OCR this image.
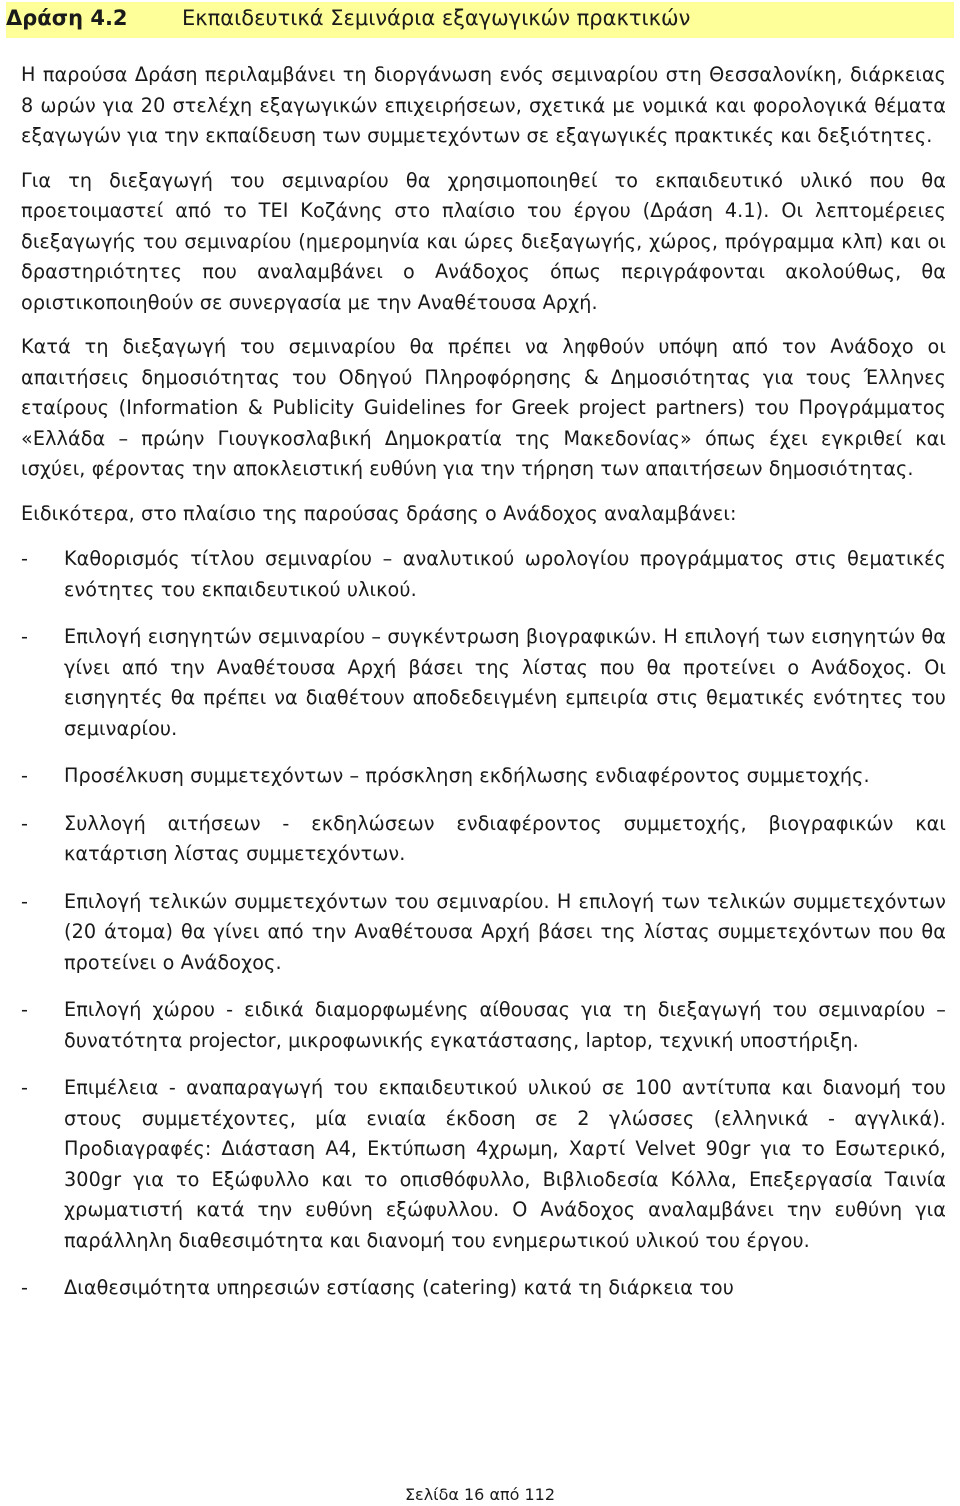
Δράση 4.2	Εκπαιδευτικά Σεμινάρια εξαγωγικών πρακτικών

Η παρούσα Δράση περιλαμβάνει τη διοργάνωση ενός σεμιναρίου στη Θεσσαλονίκη, διάρκειας 8 ωρών για 20 στελέχη εξαγωγικών επιχειρήσεων, σχετικά με νομικά και φορολογικά θέματα εξαγωγών για την εκπαίδευση των συμμετεχόντων σε εξαγωγικές πρακτικές και δεξιότητες.

Για τη διεξαγωγή του σεμιναρίου θα χρησιμοποιηθεί το εκπαιδευτικό υλικό που θα προετοιμαστεί από το ΤΕΙ Κοζάνης στο πλαίσιο του έργου (Δράση 4.1). Οι λεπτομέρειες διεξαγωγής του σεμιναρίου (ημερομηνία και ώρες διεξαγωγής, χώρος, πρόγραμμα κλπ) και οι δραστηριότητες που αναλαμβάνει ο Ανάδοχος όπως περιγράφονται ακολούθως, θα οριστικοποιηθούν σε συνεργασία με την Αναθέτουσα Αρχή.

Κατά τη διεξαγωγή του σεμιναρίου θα πρέπει να ληφθούν υπόψη από τον Ανάδοχο οι απαιτήσεις δημοσιότητας του Οδηγού Πληροφόρησης & Δημοσιότητας για τους Έλληνες εταίρους (Information & Publicity Guidelines for Greek project partners) του Προγράμματος «Ελλάδα – πρώην Γιουγκοσλαβική Δημοκρατία της Μακεδονίας» όπως έχει εγκριθεί και ισχύει, φέροντας την αποκλειστική ευθύνη για την τήρηση των απαιτήσεων δημοσιότητας.

Ειδικότερα, στο πλαίσιο της παρούσας δράσης ο Ανάδοχος αναλαμβάνει:

- Καθορισμός τίτλου σεμιναρίου – αναλυτικού ωρολογίου προγράμματος στις θεματικές ενότητες του εκπαιδευτικού υλικού.
- Επιλογή εισηγητών σεμιναρίου – συγκέντρωση βιογραφικών. Η επιλογή των εισηγητών θα γίνει από την Αναθέτουσα Αρχή βάσει της λίστας που θα προτείνει ο Ανάδοχος. Οι εισηγητές θα πρέπει να διαθέτουν αποδεδειγμένη εμπειρία στις θεματικές ενότητες του σεμιναρίου.
- Προσέλκυση συμμετεχόντων – πρόσκληση εκδήλωσης ενδιαφέροντος συμμετοχής.
- Συλλογή αιτήσεων - εκδηλώσεων ενδιαφέροντος συμμετοχής, βιογραφικών και κατάρτιση λίστας συμμετεχόντων.
- Επιλογή τελικών συμμετεχόντων του σεμιναρίου. Η επιλογή των τελικών συμμετεχόντων (20 άτομα) θα γίνει από την Αναθέτουσα Αρχή βάσει της λίστας συμμετεχόντων που θα προτείνει ο Ανάδοχος.
- Επιλογή χώρου - ειδικά διαμορφωμένης αίθουσας για τη διεξαγωγή του σεμιναρίου – δυνατότητα projector, μικροφωνικής εγκατάστασης, laptop, τεχνική υποστήριξη.
- Επιμέλεια - αναπαραγωγή του εκπαιδευτικού υλικού σε 100 αντίτυπα και διανομή του στους συμμετέχοντες, μία ενιαία έκδοση σε 2 γλώσσες (ελληνικά - αγγλικά). Προδιαγραφές: Διάσταση Α4, Εκτύπωση 4χρωμη, Χαρτί Velvet 90gr για το Εσωτερικό, 300gr για το Εξώφυλλο και το οπισθόφυλλο, Βιβλιοδεσία Κόλλα, Επεξεργασία Ταινία χρωματιστή κατά την ευθύνη εξώφυλλου. Ο Ανάδοχος αναλαμβάνει την ευθύνη για παράλληλη διαθεσιμότητα και διανομή του ενημερωτικού υλικού του έργου.
- Διαθεσιμότητα υπηρεσιών εστίασης (catering) κατά τη διάρκεια του
Σελίδα 16 από 112
